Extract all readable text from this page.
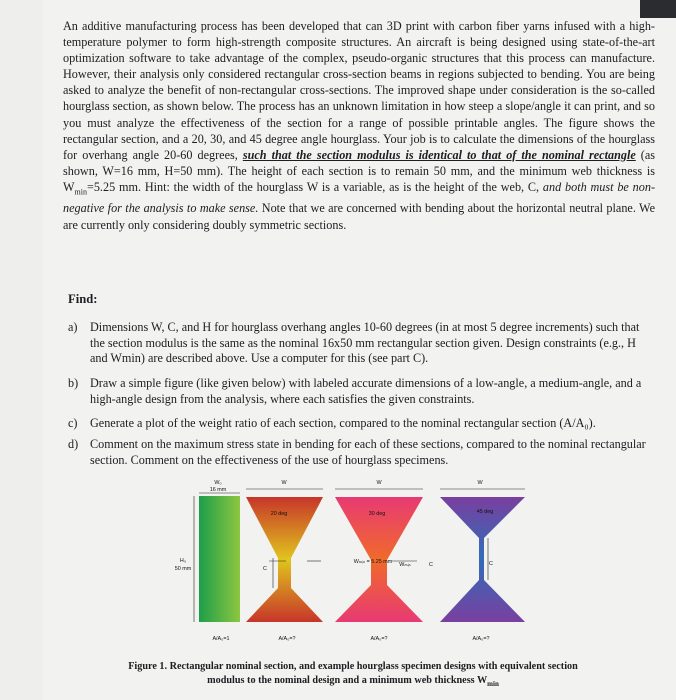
An additive manufacturing process has been developed that can 3D print with carbon fiber yarns infused with a high-temperature polymer to form high-strength composite structures. An aircraft is being designed using state-of-the-art optimization software to take advantage of the complex, pseudo-organic structures that this process can manufacture. However, their analysis only considered rectangular cross-section beams in regions subjected to bending. You are being asked to analyze the benefit of non-rectangular cross-sections. The improved shape under consideration is the so-called hourglass section, as shown below. The process has an unknown limitation in how steep a slope/angle it can print, and so you must analyze the effectiveness of the section for a range of possible printable angles. The figure shows the rectangular section, and a 20, 30, and 45 degree angle hourglass. Your job is to calculate the dimensions of the hourglass for overhang angle 20-60 degrees, such that the section modulus is identical to that of the nominal rectangle (as shown, W=16 mm, H=50 mm). The height of each section is to remain 50 mm, and the minimum web thickness is $W_{min}=5.25$ mm. Hint: the width of the hourglass W is a variable, as is the height of the web, C, and both must be non-negative for the analysis to make sense. Note that we are concerned with bending about the horizontal neutral plane. We are currently only considering doubly symmetric sections.

Find:
a)	Dimensions W, C, and H for hourglass overhang angles 10-60 degrees (in at most 5 degree increments) such that the section modulus is the same as the nominal 16x50 mm rectangular section given. Design constraints (e.g., H and Wmin) are described above. Use a computer for this (see part C).
b) Draw a simple figure (like given below) with labeled accurate dimensions of a low-angle, a medium-angle, and a high-angle design from the analysis, where each satisfies the given constraints.
c)	Generate a plot of the weight ratio of each section, compared to the nominal rectangular section (A/A₀).
d) Comment on the maximum stress state in bending for each of these sections, compared to the nominal rectangular section. Comment on the effectiveness of the use of hourglass specimens.
W₀
16 mm
H₀
50 mm
W
20 deg
C
W
30 deg
Wₘᵢₙ = 5.25 mm
W
45 deg
C
Wₘᵢₙ	C
A/A₀=1	A/A₀=?	A/A₀=?	A/A₀=?
Figure 1. Rectangular nominal section, and example hourglass specimen designs with equivalent section
modulus to the nominal design and a minimum web thickness $W_{min}$
